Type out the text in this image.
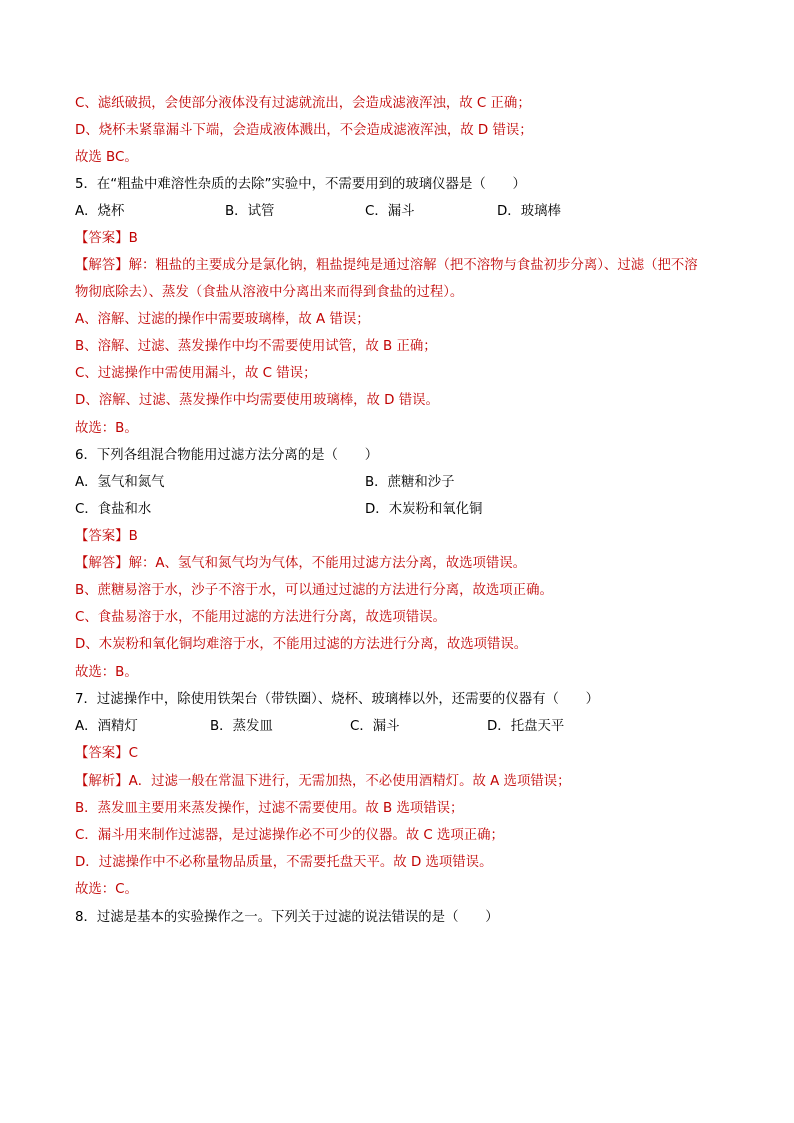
C、滤纸破损，会使部分液体没有过滤就流出，会造成滤液浑浊，故 C 正确；
D、烧杯未紧靠漏斗下端，会造成液体溅出，不会造成滤液浑浊，故 D 错误；
故选 BC。
5．在“粗盐中难溶性杂质的去除”实验中，不需要用到的玻璃仪器是（　　）
A．烧杯	B．试管	C．漏斗	D．玻璃棒
【答案】B
【解答】解：粗盐的主要成分是氯化钠，粗盐提纯是通过溶解（把不溶物与食盐初步分离）、过滤（把不溶
物彻底除去）、蒸发（食盐从溶液中分离出来而得到食盐的过程）。
A、溶解、过滤的操作中需要玻璃棒，故 A 错误；
B、溶解、过滤、蒸发操作中均不需要使用试管，故 B 正确；
C、过滤操作中需使用漏斗，故 C 错误；
D、溶解、过滤、蒸发操作中均需要使用玻璃棒，故 D 错误。
故选：B。
6．下列各组混合物能用过滤方法分离的是（　　）
A．氢气和氮气	B．蔗糖和沙子
C．食盐和水	D．木炭粉和氧化铜
【答案】B
【解答】解：A、氢气和氮气均为气体，不能用过滤方法分离，故选项错误。
B、蔗糖易溶于水，沙子不溶于水，可以通过过滤的方法进行分离，故选项正确。
C、食盐易溶于水，不能用过滤的方法进行分离，故选项错误。
D、木炭粉和氧化铜均难溶于水，不能用过滤的方法进行分离，故选项错误。
故选：B。
7．过滤操作中，除使用铁架台（带铁圈）、烧杯、玻璃棒以外，还需要的仪器有（　　）
A．酒精灯	B．蒸发皿	C．漏斗	D．托盘天平
【答案】C
【解析】A．过滤一般在常温下进行，无需加热，不必使用酒精灯。故 A 选项错误；
B．蒸发皿主要用来蒸发操作，过滤不需要使用。故 B 选项错误；
C．漏斗用来制作过滤器，是过滤操作必不可少的仪器。故 C 选项正确；
D．过滤操作中不必称量物品质量，不需要托盘天平。故 D 选项错误。
故选：C。
8．过滤是基本的实验操作之一。下列关于过滤的说法错误的是（　　）
